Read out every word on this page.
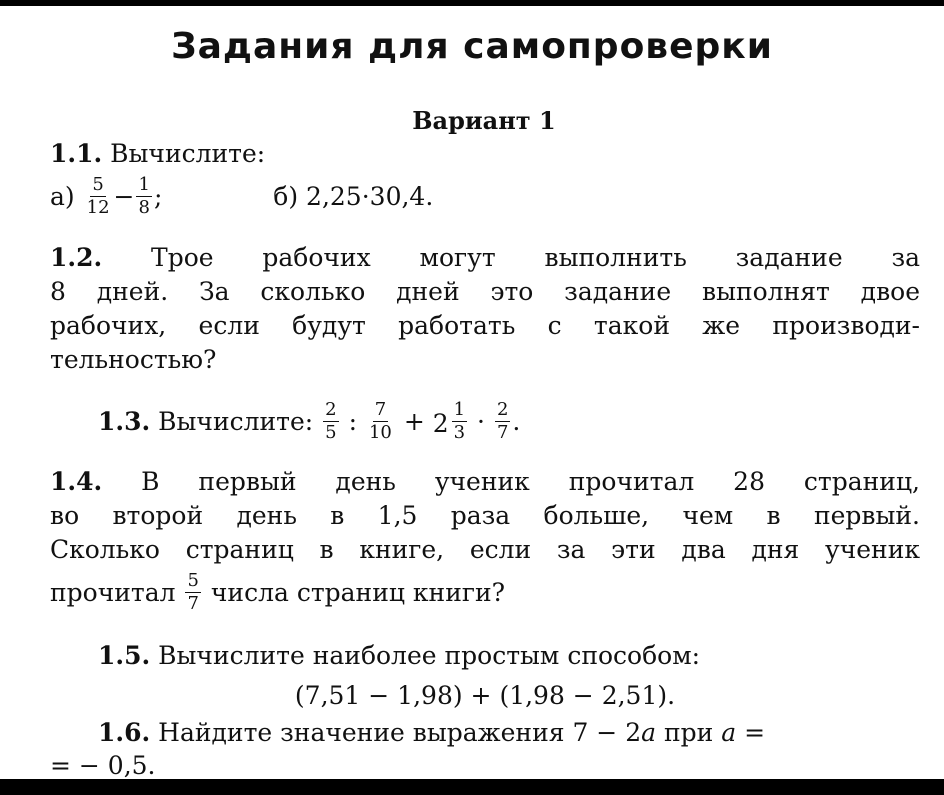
Задания для самопроверки
Вариант 1
1.1. Вычислите:
$а) \frac{5}{12} - \frac{1}{8}$ ;	б) 2,25·30,4.
1.2. Трое рабочих могут выполнить задание за
8 дней. За сколько дней это задание выполнят двое
рабочих, если будут работать с такой же производи-
тельностью?
1.3. Вычислите: $\frac{2}{5}$ : $\frac{7}{10} + 2 \frac{1}{3} \cdot \frac{2}{7}$ .
1.4. В первый день ученик прочитал 28 страниц,
во второй день в 1,5 раза больше, чем в первый.
Сколько страниц в книге, если за эти два дня ученик
прочитал $\frac{5}{7}$ числа страниц книги?
1.5. Вычислите наиболее простым способом:
(7,51 − 1,98) + (1,98 − 2,51).
1.6. Найдите значение выражения 7 − 2a при a =
= − 0,5.
